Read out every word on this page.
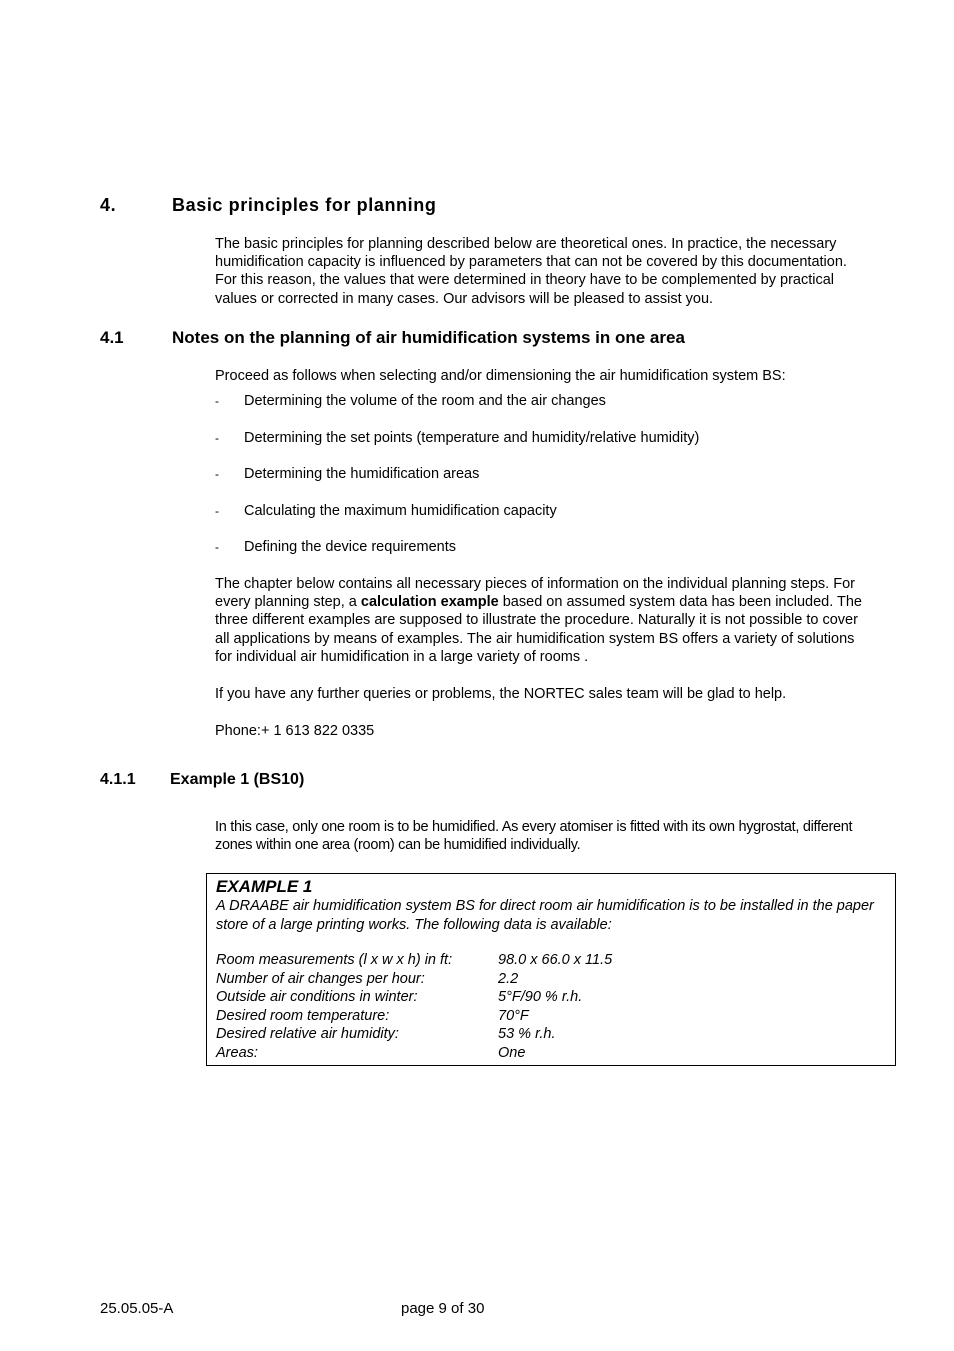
4.	Basic principles for planning

The basic principles for planning described below are theoretical ones. In practice, the necessary humidification capacity is influenced by parameters that can not be covered by this documentation. For this reason, the values that were determined in theory have to be complemented by practical values or corrected in many cases. Our advisors will be pleased to assist you.

4.1	Notes on the planning of air humidification systems in one area

Proceed as follows when selecting and/or dimensioning the air humidification system BS:

- Determining the volume of the room and the air changes
- Determining the set points (temperature and humidity/relative humidity)
- Determining the humidification areas
- Calculating the maximum humidification capacity
- Defining the device requirements

The chapter below contains all necessary pieces of information on the individual planning steps. For every planning step, a calculation example based on assumed system data has been included. The three different examples are supposed to illustrate the procedure. Naturally it is not possible to cover all applications by means of examples. The air humidification system BS offers a variety of solutions for individual air humidification in a large variety of rooms .

If you have any further queries or problems, the NORTEC sales team will be glad to help.

Phone:+ 1 613 822 0335

4.1.1 Example 1 (BS10)

In this case, only one room is to be humidified. As every atomiser is fitted with its own hygrostat, different zones within one area (room) can be humidified individually.

EXAMPLE 1

A DRAABE air humidification system BS for direct room air humidification is to be installed in the paper store of a large printing works. The following data is available:

Room measurements (l x w x h) in ft:	98.0 x 66.0 x 11.5
Number of air changes per hour:	2.2
Outside air conditions in winter:	5°F/90 % r.h.
Desired room temperature:	70°F
Desired relative air humidity:	53 % r.h.
Areas:	One
25.05.05-A	page 9 of 30
